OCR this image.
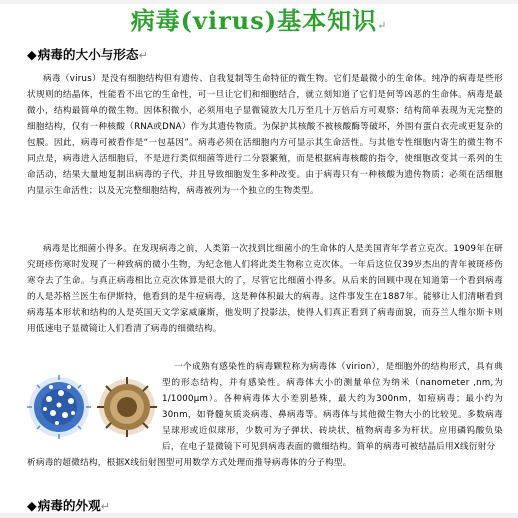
病毒(virus)基本知识↵
◆病毒的大小与形态↵
病毒（virus）是没有细胞结构但有遗传、自我复制等生命特征的微生物。它们是最微小的生命体。纯净的病毒是些形状规则的结晶体，性能看不出它的生命性，可一旦让它们和细胞结合，就立刻知道了它们是何等凶恶的生命体。病毒是最微小，结构最简单的微生物。因体积微小，必须用电子显微镜放大几万至几十万倍后方可观察；结构简单表现为无完整的细胞结构，仅有一种核酸（RNA或DNA）作为其遗传物质。为保护其核酸不被核酸酶等破坏，外围有蛋白衣壳或更复杂的包膜。因此，病毒可被看作是“一包基因”。病毒必须在活细胞内方可显示其生命活性。与其他专性细胞内寄生的微生物不同点是，病毒进入活细胞后，不是进行类似细菌等进行二分裂繁殖，而是根据病毒核酸的指令，使细胞改变其一系列的生命活动，结果大量地复制出病毒的子代，并且导致细胞发生多种改变。由于病毒只有一种核酸为遗传物质；必须在活细胞内显示生命活性；以及无完整细胞结构，病毒被列为一个独立的生物类型。
病毒是比细菌小得多。在发现病毒之前，人类第一次找到比细菌小的生命体的人是美国青年学者立克次。1909年在研究斑疹伤寒时发现了一种致病的微小生物，为纪念他人们将此类生物称立克次体。一年后这位仅39岁杰出的青年被斑疹伤寒夺去了生命。与真正病毒相比立克次体算是很大的了，尽管它比细菌小得多。从后来的回顾中现在知道第一个看到病毒的人是苏格兰医生布伊斯特，他看到的是牛痘病毒，这是种体积最大的病毒。这件事发生在1887年。能够让人们清晰看到病毒基本形状和结构的人是英国天文学家威廉斯，他发明了投影法，使得人们真正看到了病毒面貌，而芬兰人维尔斯卡则用低速电子显微镜让人们看清了病毒的细微结构。
一个成熟有感染性的病毒颗粒称为病毒体（virion），是细胞外的结构形式，具有典型的形态结构，并有感染性。病毒体大小的测量单位为纳米（nanometer ,nm,为1/1000μm）。各种病毒体大小差别悬殊，最大约为300nm，如痘病毒；最小约为30nm，如脊髓灰质炎病毒、鼻病毒等。病毒体与其他微生物大小的比较见。多数病毒呈球形或近似球形，少数可为子弹状、砖块状，植物病毒多为杆状。应用磷钨酸负染后，在电子显微镜下可见到病毒表面的微细结构。简单的病毒可被结晶后用X线衍射分
析病毒的超微结构，根据X线衍射图型可用数学方式处理而推导病毒体的分子构型。
◆病毒的外观↵
